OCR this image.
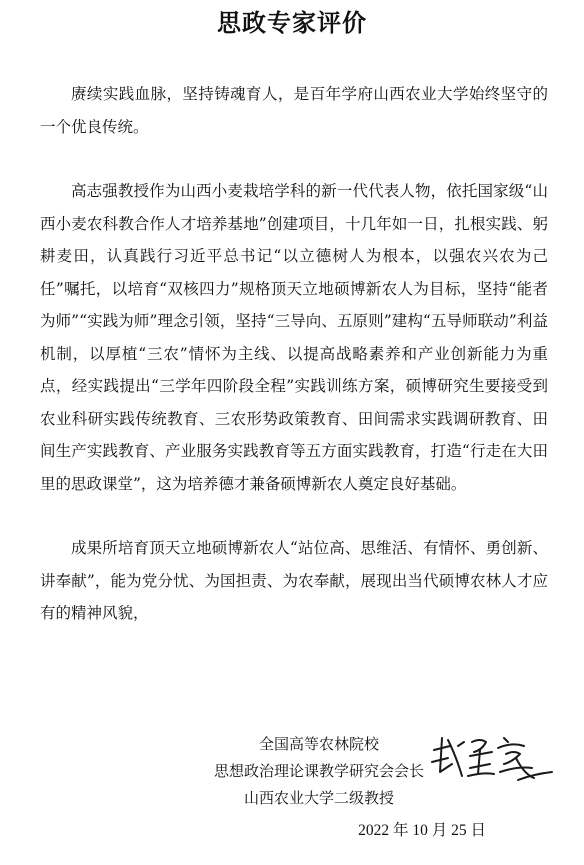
思政专家评价

赓续实践血脉，坚持铸魂育人，是百年学府山西农业大学始终坚守的一个优良传统。

高志强教授作为山西小麦栽培学科的新一代代表人物，依托国家级“山西小麦农科教合作人才培养基地”创建项目，十几年如一日，扎根实践、躬耕麦田，认真践行习近平总书记“以立德树人为根本，以强农兴农为己任”嘱托，以培育“双核四力”规格顶天立地硕博新农人为目标，坚持“能者为师”“实践为师”理念引领，坚持“三导向、五原则”建构“五导师联动”利益机制，以厚植“三农”情怀为主线、以提高战略素养和产业创新能力为重点，经实践提出“三学年四阶段全程”实践训练方案，硕博研究生要接受到农业科研实践传统教育、三农形势政策教育、田间需求实践调研教育、田间生产实践教育、产业服务实践教育等五方面实践教育，打造“行走在大田里的思政课堂”，这为培养德才兼备硕博新农人奠定良好基础。

成果所培育顶天立地硕博新农人“站位高、思维活、有情怀、勇创新、讲奉献”，能为党分忧、为国担责、为农奉献，展现出当代硕博农林人才应有的精神风貌，

全国高等农林院校
思想政治理论课教学研究会会长
山西农业大学二级教授
2022 年 10 月 25 日
